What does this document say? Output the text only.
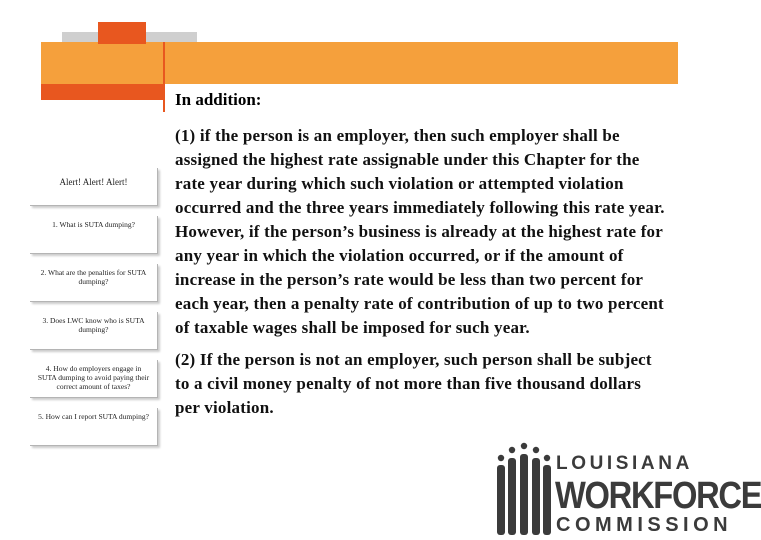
In addition:
Alert! Alert! Alert!
1. What is SUTA dumping?
2. What are the penalties for SUTA dumping?
3. Does LWC know who is SUTA dumping?
4. How do employers engage in SUTA dumping to avoid paying their correct amount of taxes?
5. How can I report SUTA dumping?

(1) if the person is an employer, then such employer shall be assigned the highest rate assignable under this Chapter for the rate year during which such violation or attempted violation occurred and the three years immediately following this rate year. However, if the person’s business is already at the highest rate for any year in which the violation occurred, or if the amount of increase in the person’s rate would be less than two percent for each year, then a penalty rate of contribution of up to two percent of taxable wages shall be imposed for such year.

(2) If the person is not an employer, such person shall be subject to a civil money penalty of not more than five thousand dollars per violation.

LOUISIANA
WORKFORCE
COMMISSION
